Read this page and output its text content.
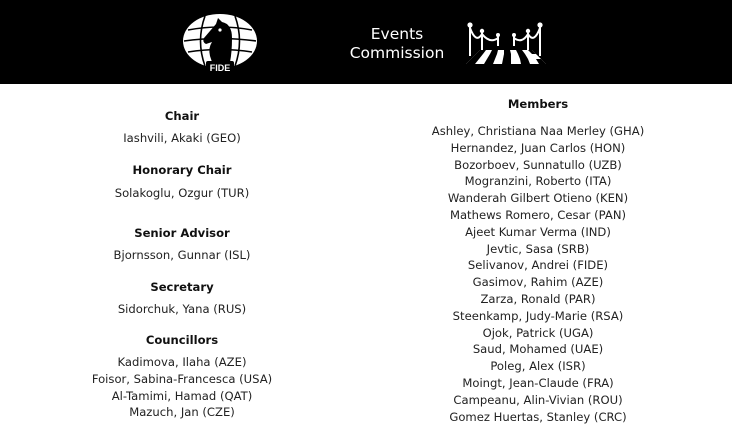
FIDE
Events
Commission
Chair
Iashvili, Akaki (GEO)
Honorary Chair
Solakoglu, Ozgur (TUR)
Senior Advisor
Bjornsson, Gunnar (ISL)
Secretary
Sidorchuk, Yana (RUS)
Councillors
Kadimova, Ilaha (AZE)
Foisor, Sabina-Francesca (USA)
Al-Tamimi, Hamad (QAT)
Mazuch, Jan (CZE)
Members
Ashley, Christiana Naa Merley (GHA)
Hernandez, Juan Carlos (HON)
Bozorboev, Sunnatullo (UZB)
Mogranzini, Roberto (ITA)
Wanderah Gilbert Otieno (KEN)
Mathews Romero, Cesar (PAN)
Ajeet Kumar Verma (IND)
Jevtic, Sasa (SRB)
Selivanov, Andrei (FIDE)
Gasimov, Rahim (AZE)
Zarza, Ronald (PAR)
Steenkamp, Judy-Marie (RSA)
Ojok, Patrick (UGA)
Saud, Mohamed (UAE)
Poleg, Alex (ISR)
Moingt, Jean-Claude (FRA)
Campeanu, Alin-Vivian (ROU)
Gomez Huertas, Stanley (CRC)
